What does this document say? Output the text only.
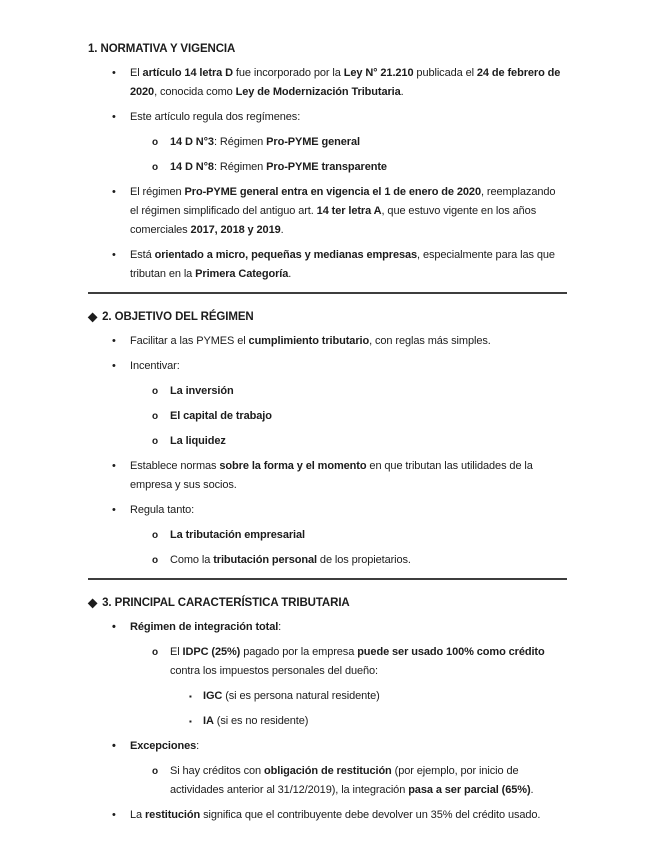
1. NORMATIVA Y VIGENCIA
•	El artículo 14 letra D fue incorporado por la Ley N° 21.210 publicada el 24 de febrero de 2020, conocida como Ley de Modernización Tributaria.
•	Este artículo regula dos regímenes:
o	14 D N°3: Régimen Pro-PYME general
o	14 D N°8: Régimen Pro-PYME transparente
•	El régimen Pro-PYME general entra en vigencia el 1 de enero de 2020, reemplazando el régimen simplificado del antiguo art. 14 ter letra A, que estuvo vigente en los años comerciales 2017, 2018 y 2019.
•	Está orientado a micro, pequeñas y medianas empresas, especialmente para las que tributan en la Primera Categoría.
◆ 2. OBJETIVO DEL RÉGIMEN
•	Facilitar a las PYMES el cumplimiento tributario, con reglas más simples.
•	Incentivar:
o	La inversión
o	El capital de trabajo
o	La liquidez
•	Establece normas sobre la forma y el momento en que tributan las utilidades de la empresa y sus socios.
•	Regula tanto:
o	La tributación empresarial
o	Como la tributación personal de los propietarios.
◆ 3. PRINCIPAL CARACTERÍSTICA TRIBUTARIA
•	Régimen de integración total:
o	El IDPC (25%) pagado por la empresa puede ser usado 100% como crédito contra los impuestos personales del dueño:
▪	IGC (si es persona natural residente)
▪	IA (si es no residente)
•	Excepciones:
o	Si hay créditos con obligación de restitución (por ejemplo, por inicio de actividades anterior al 31/12/2019), la integración pasa a ser parcial (65%).
•	La restitución significa que el contribuyente debe devolver un 35% del crédito usado.
